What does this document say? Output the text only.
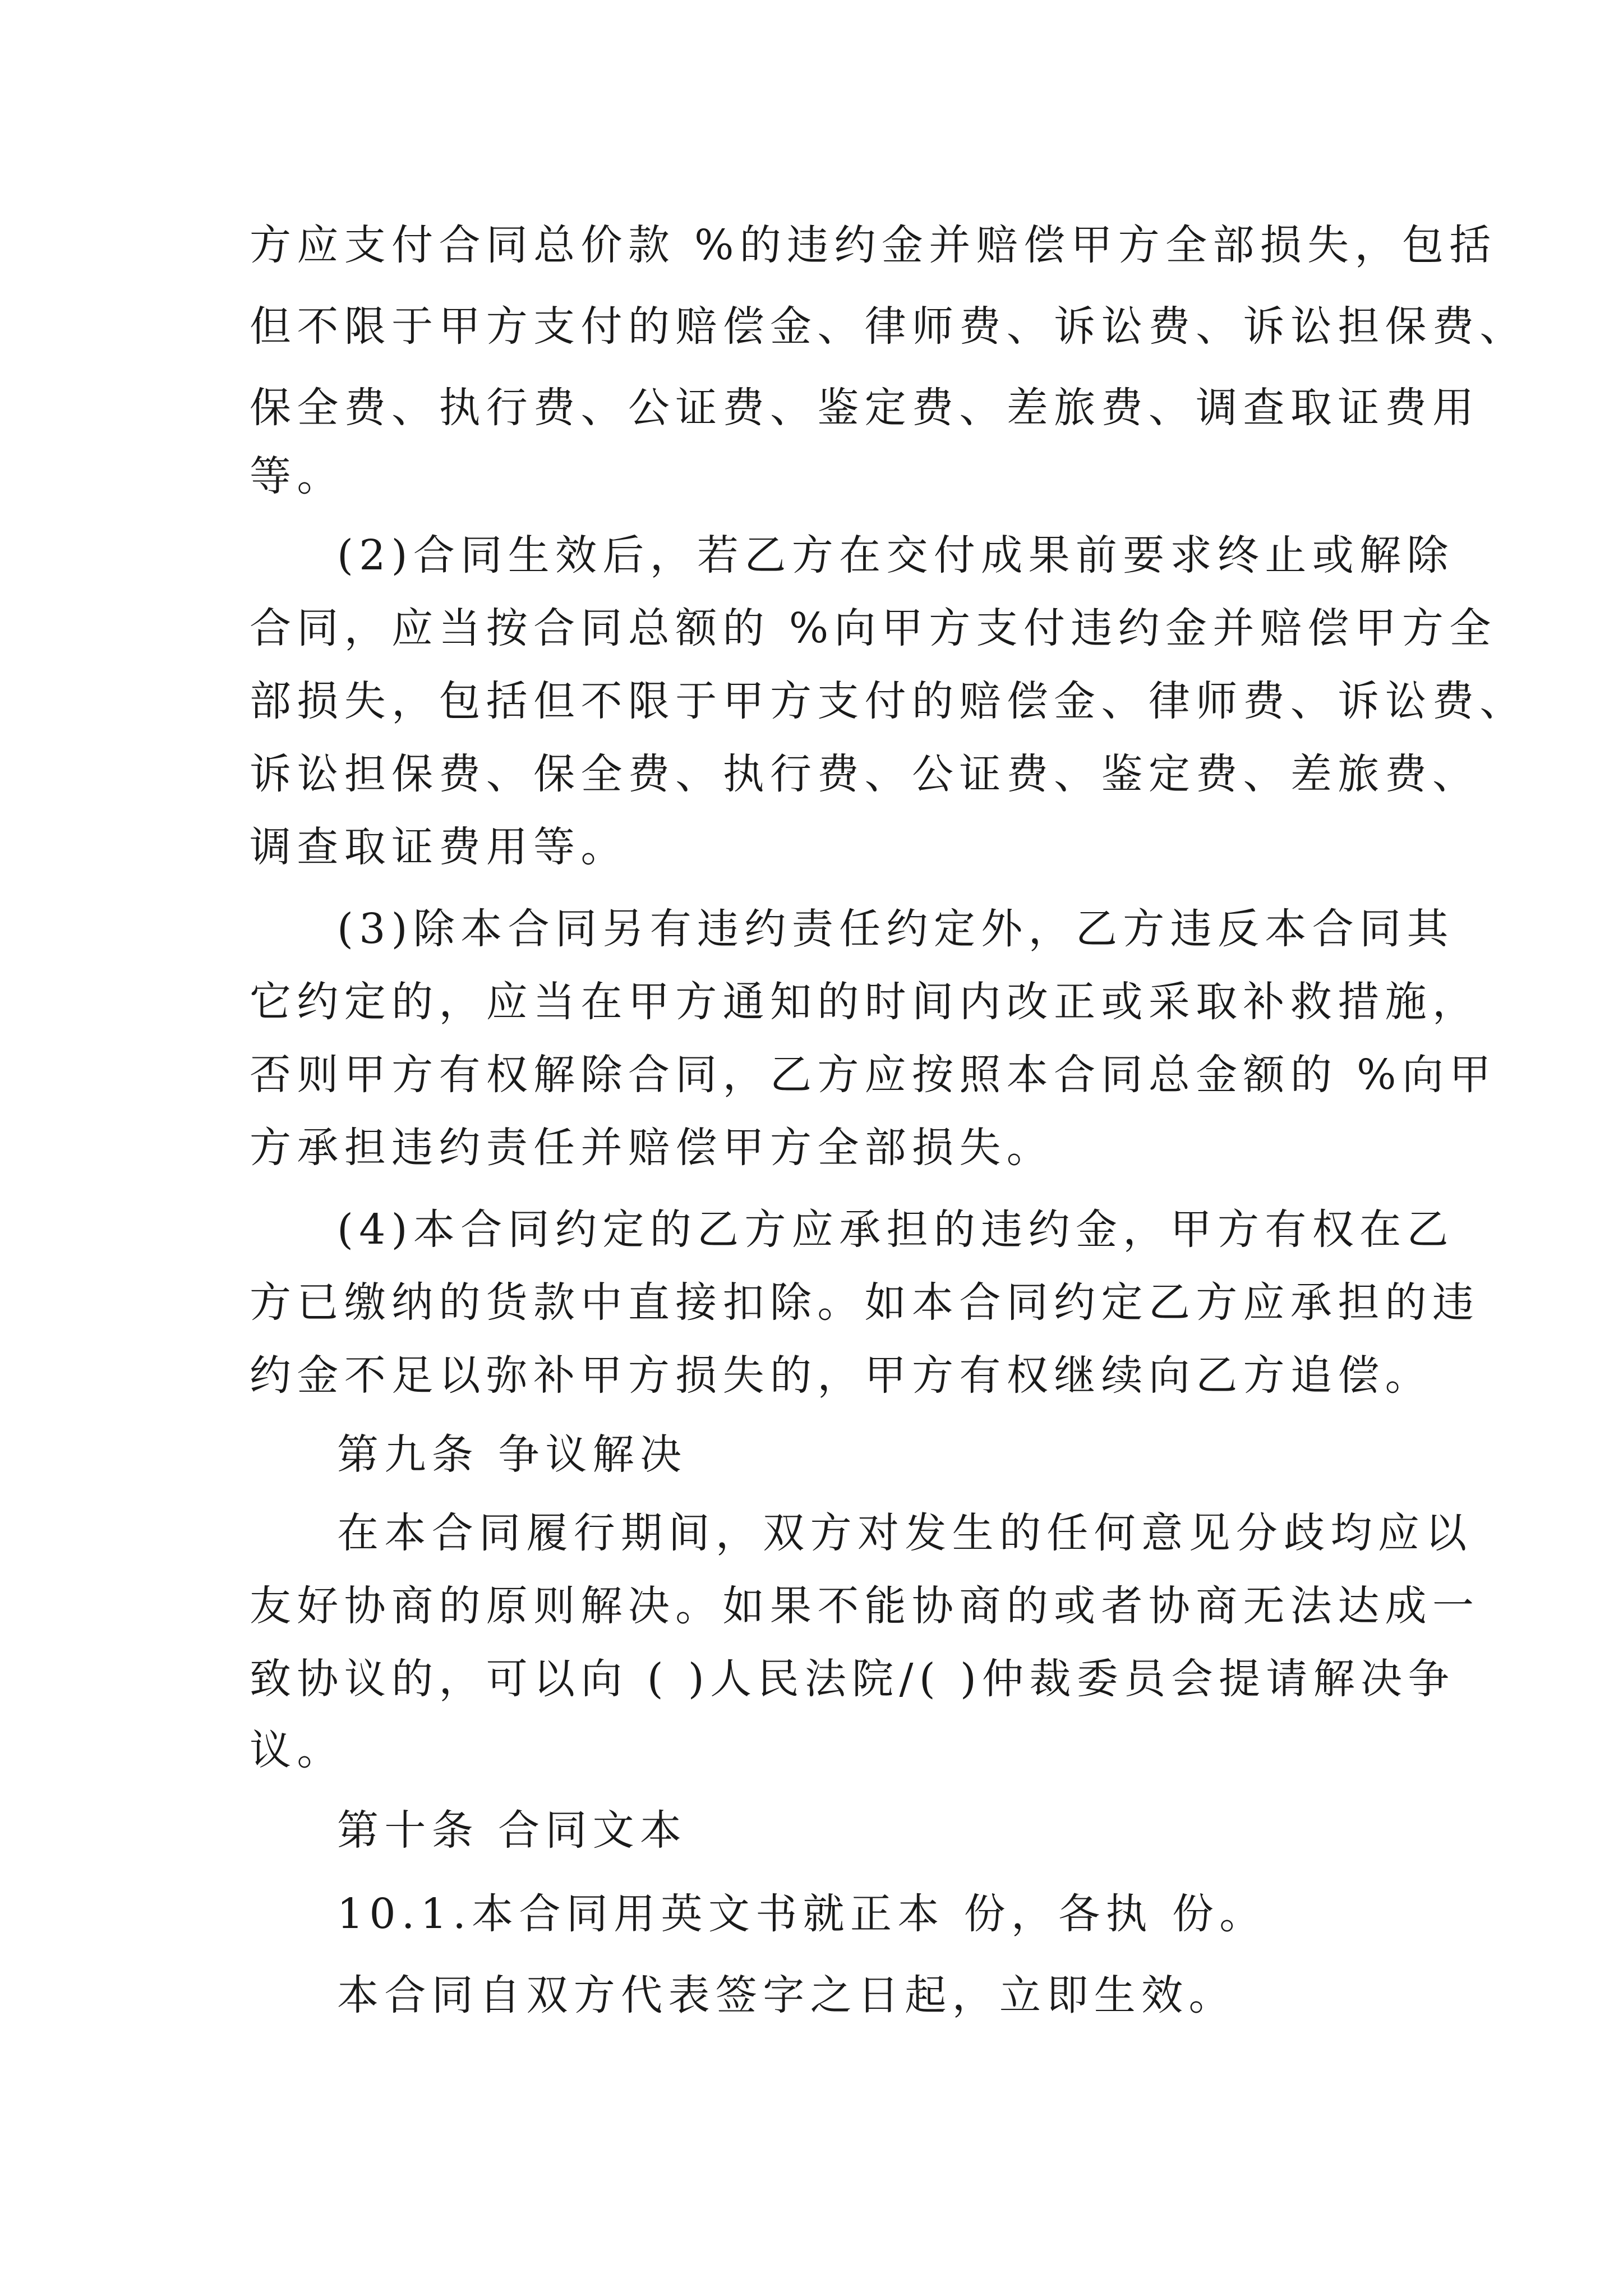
方应支付合同总价款 %的违约金并赔偿甲方全部损失，包括

但不限于甲方支付的赔偿金、律师费、诉讼费、诉讼担保费、

保全费、执行费、公证费、鉴定费、差旅费、调查取证费用

等。

(2)合同生效后，若乙方在交付成果前要求终止或解除

合同，应当按合同总额的 %向甲方支付违约金并赔偿甲方全

部损失，包括但不限于甲方支付的赔偿金、律师费、诉讼费、

诉讼担保费、保全费、执行费、公证费、鉴定费、差旅费、

调查取证费用等。

(3)除本合同另有违约责任约定外，乙方违反本合同其

它约定的，应当在甲方通知的时间内改正或采取补救措施，

否则甲方有权解除合同，乙方应按照本合同总金额的 %向甲

方承担违约责任并赔偿甲方全部损失。

(4)本合同约定的乙方应承担的违约金，甲方有权在乙

方已缴纳的货款中直接扣除。如本合同约定乙方应承担的违

约金不足以弥补甲方损失的，甲方有权继续向乙方追偿。

第九条 争议解决

在本合同履行期间，双方对发生的任何意见分歧均应以

友好协商的原则解决。如果不能协商的或者协商无法达成一

致协议的，可以向 ( )人民法院/( )仲裁委员会提请解决争

议。

第十条 合同文本

10.1.本合同用英文书就正本 份，各执 份。

本合同自双方代表签字之日起，立即生效。
